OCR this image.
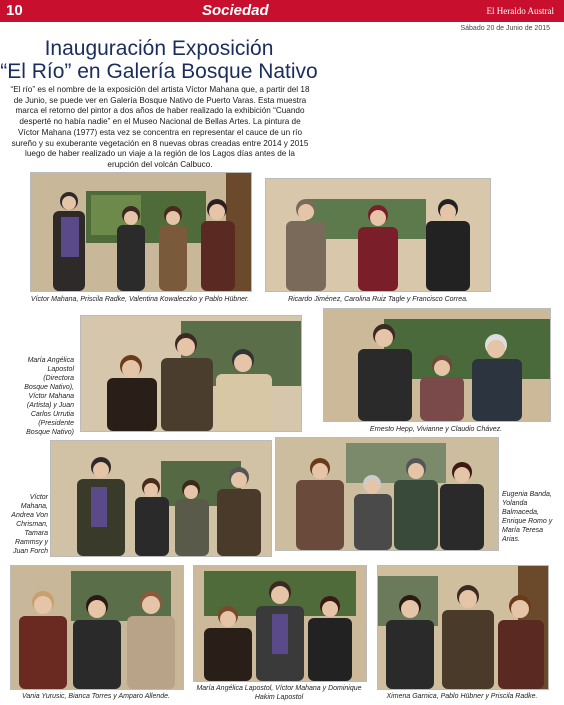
10	Sociedad	El Heraldo Austral
Sábado 20 de Junio de 2015
Inauguración Exposición
“El Río” en Galería Bosque Nativo
“El río” es el nombre de la exposición del artista Víctor Mahana que, a partir del 18 de Junio, se puede ver en Galería Bosque Nativo de Puerto Varas. Esta muestra marca el retorno del pintor a dos años de haber realizado la exhibición “Cuando desperté no había nadie” en el Museo Nacional de Bellas Artes. La pintura de Víctor Mahana (1977) esta vez se concentra en representar el cauce de un río sureño y su exuberante vegetación en 8 nuevas obras creadas entre 2014 y 2015 luego de haber realizado un viaje a la región de los Lagos días antes de la erupción del volcán Calbuco.
Víctor Mahana, Priscila Radke, Valentina Kowaleczko y Pablo Hübner.	Ricardo Jiménez, Carolina Ruiz Tagle y Francisco Correa.
María Angélica Lapostol (Directora Bosque Nativo), Víctor Mahana (Artista) y Juan Carlos Urrutia (Presidente Bosque Nativo)	Ernesto Hepp, Vivianne y Claudio Chávez.
Víctor Mahana, Andrea Von Chrisman, Tamara Rammsy y Juan Forch
Eugenia Banda, Yolanda Balmaceda, Enrique Romo y María Teresa Arias.
Vania Yurusic, Bianca Torres y Amparo Allende.
María Angélica Lapostol, Víctor Mahana y Dominique Hakim Lapostol	Ximena Garnica, Pablo Hübner y Priscila Radke.
